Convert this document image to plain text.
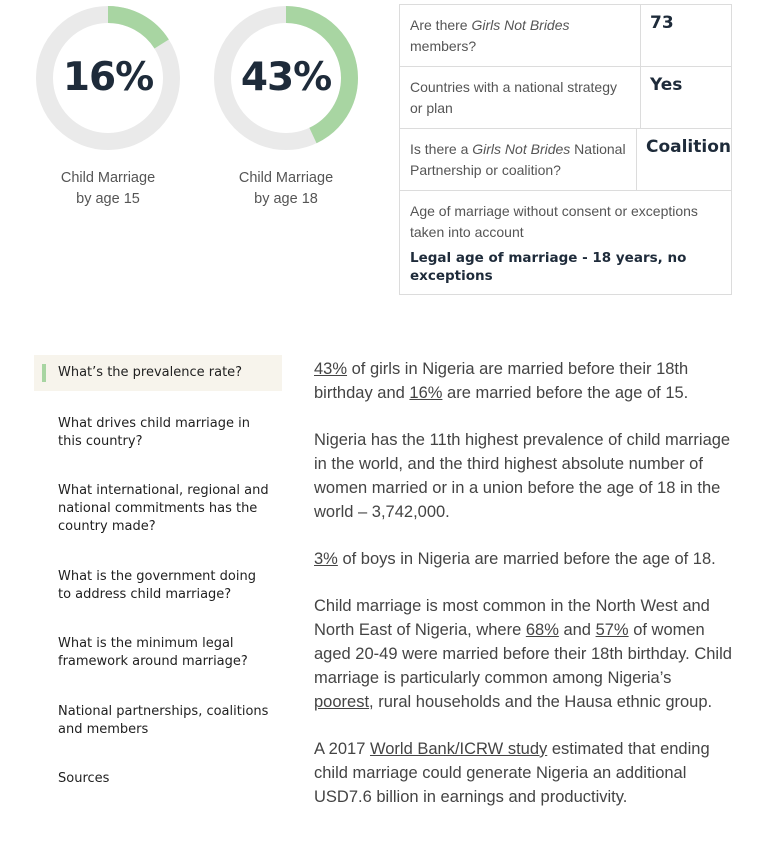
16%
Child Marriage
by age 15
43%
Child Marriage
by age 18
Are there Girls Not Brides members?
73
Countries with a national strategy or plan
Yes
Is there a Girls Not Brides National Partnership or coalition?
Coalition
Age of marriage without consent or exceptions taken into account
Legal age of marriage - 18 years, no exceptions
What’s the prevalence rate?
What drives child marriage in this country?
What international, regional and national commitments has the country made?
What is the government doing to address child marriage?
What is the minimum legal framework around marriage?
National partnerships, coalitions and members
Sources

43% of girls in Nigeria are married before their 18th birthday and 16% are married before the age of 15.

Nigeria has the 11th highest prevalence of child marriage in the world, and the third highest absolute number of women married or in a union before the age of 18 in the world – 3,742,000.

3% of boys in Nigeria are married before the age of 18.

Child marriage is most common in the North West and North East of Nigeria, where 68% and 57% of women aged 20-49 were married before their 18th birthday. Child marriage is particularly common among Nigeria’s poorest, rural households and the Hausa ethnic group.

A 2017 World Bank/ICRW study estimated that ending child marriage could generate Nigeria an additional USD7.6 billion in earnings and productivity.
